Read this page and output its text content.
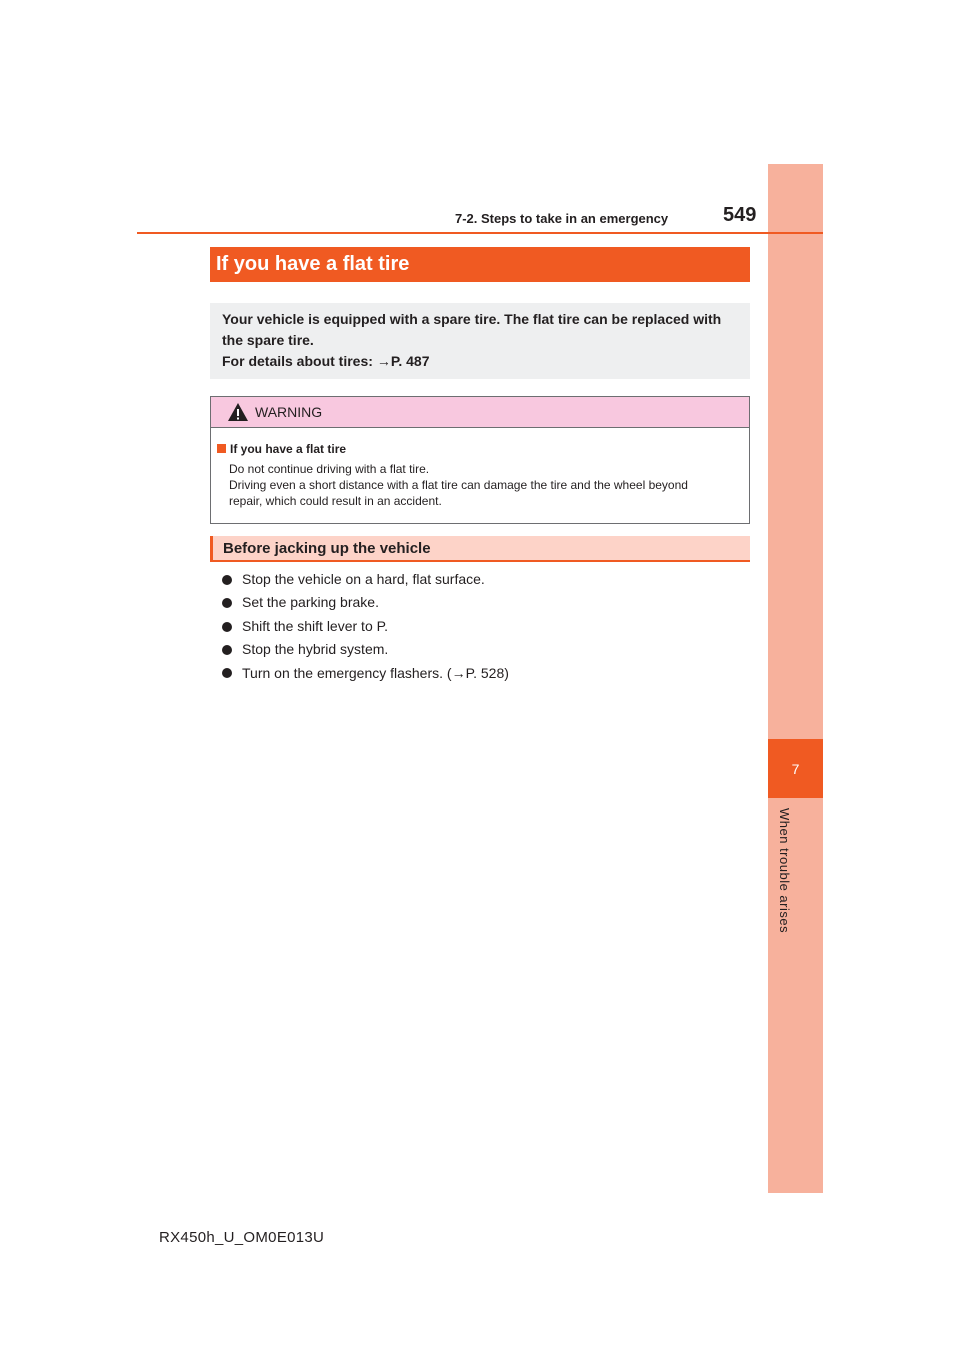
7
When trouble arises
7-2. Steps to take in an emergency	549
If you have a flat tire
Your vehicle is equipped with a spare tire. The flat tire can be replaced with
the spare tire.
For details about tires: →P. 487
WARNING
If you have a flat tire
Do not continue driving with a flat tire.
Driving even a short distance with a flat tire can damage the tire and the wheel beyond
repair, which could result in an accident.
Before jacking up the vehicle
Stop the vehicle on a hard, flat surface.
Set the parking brake.
Shift the shift lever to P.
Stop the hybrid system.
Turn on the emergency flashers. (→P. 528)
RX450h_U_OM0E013U
